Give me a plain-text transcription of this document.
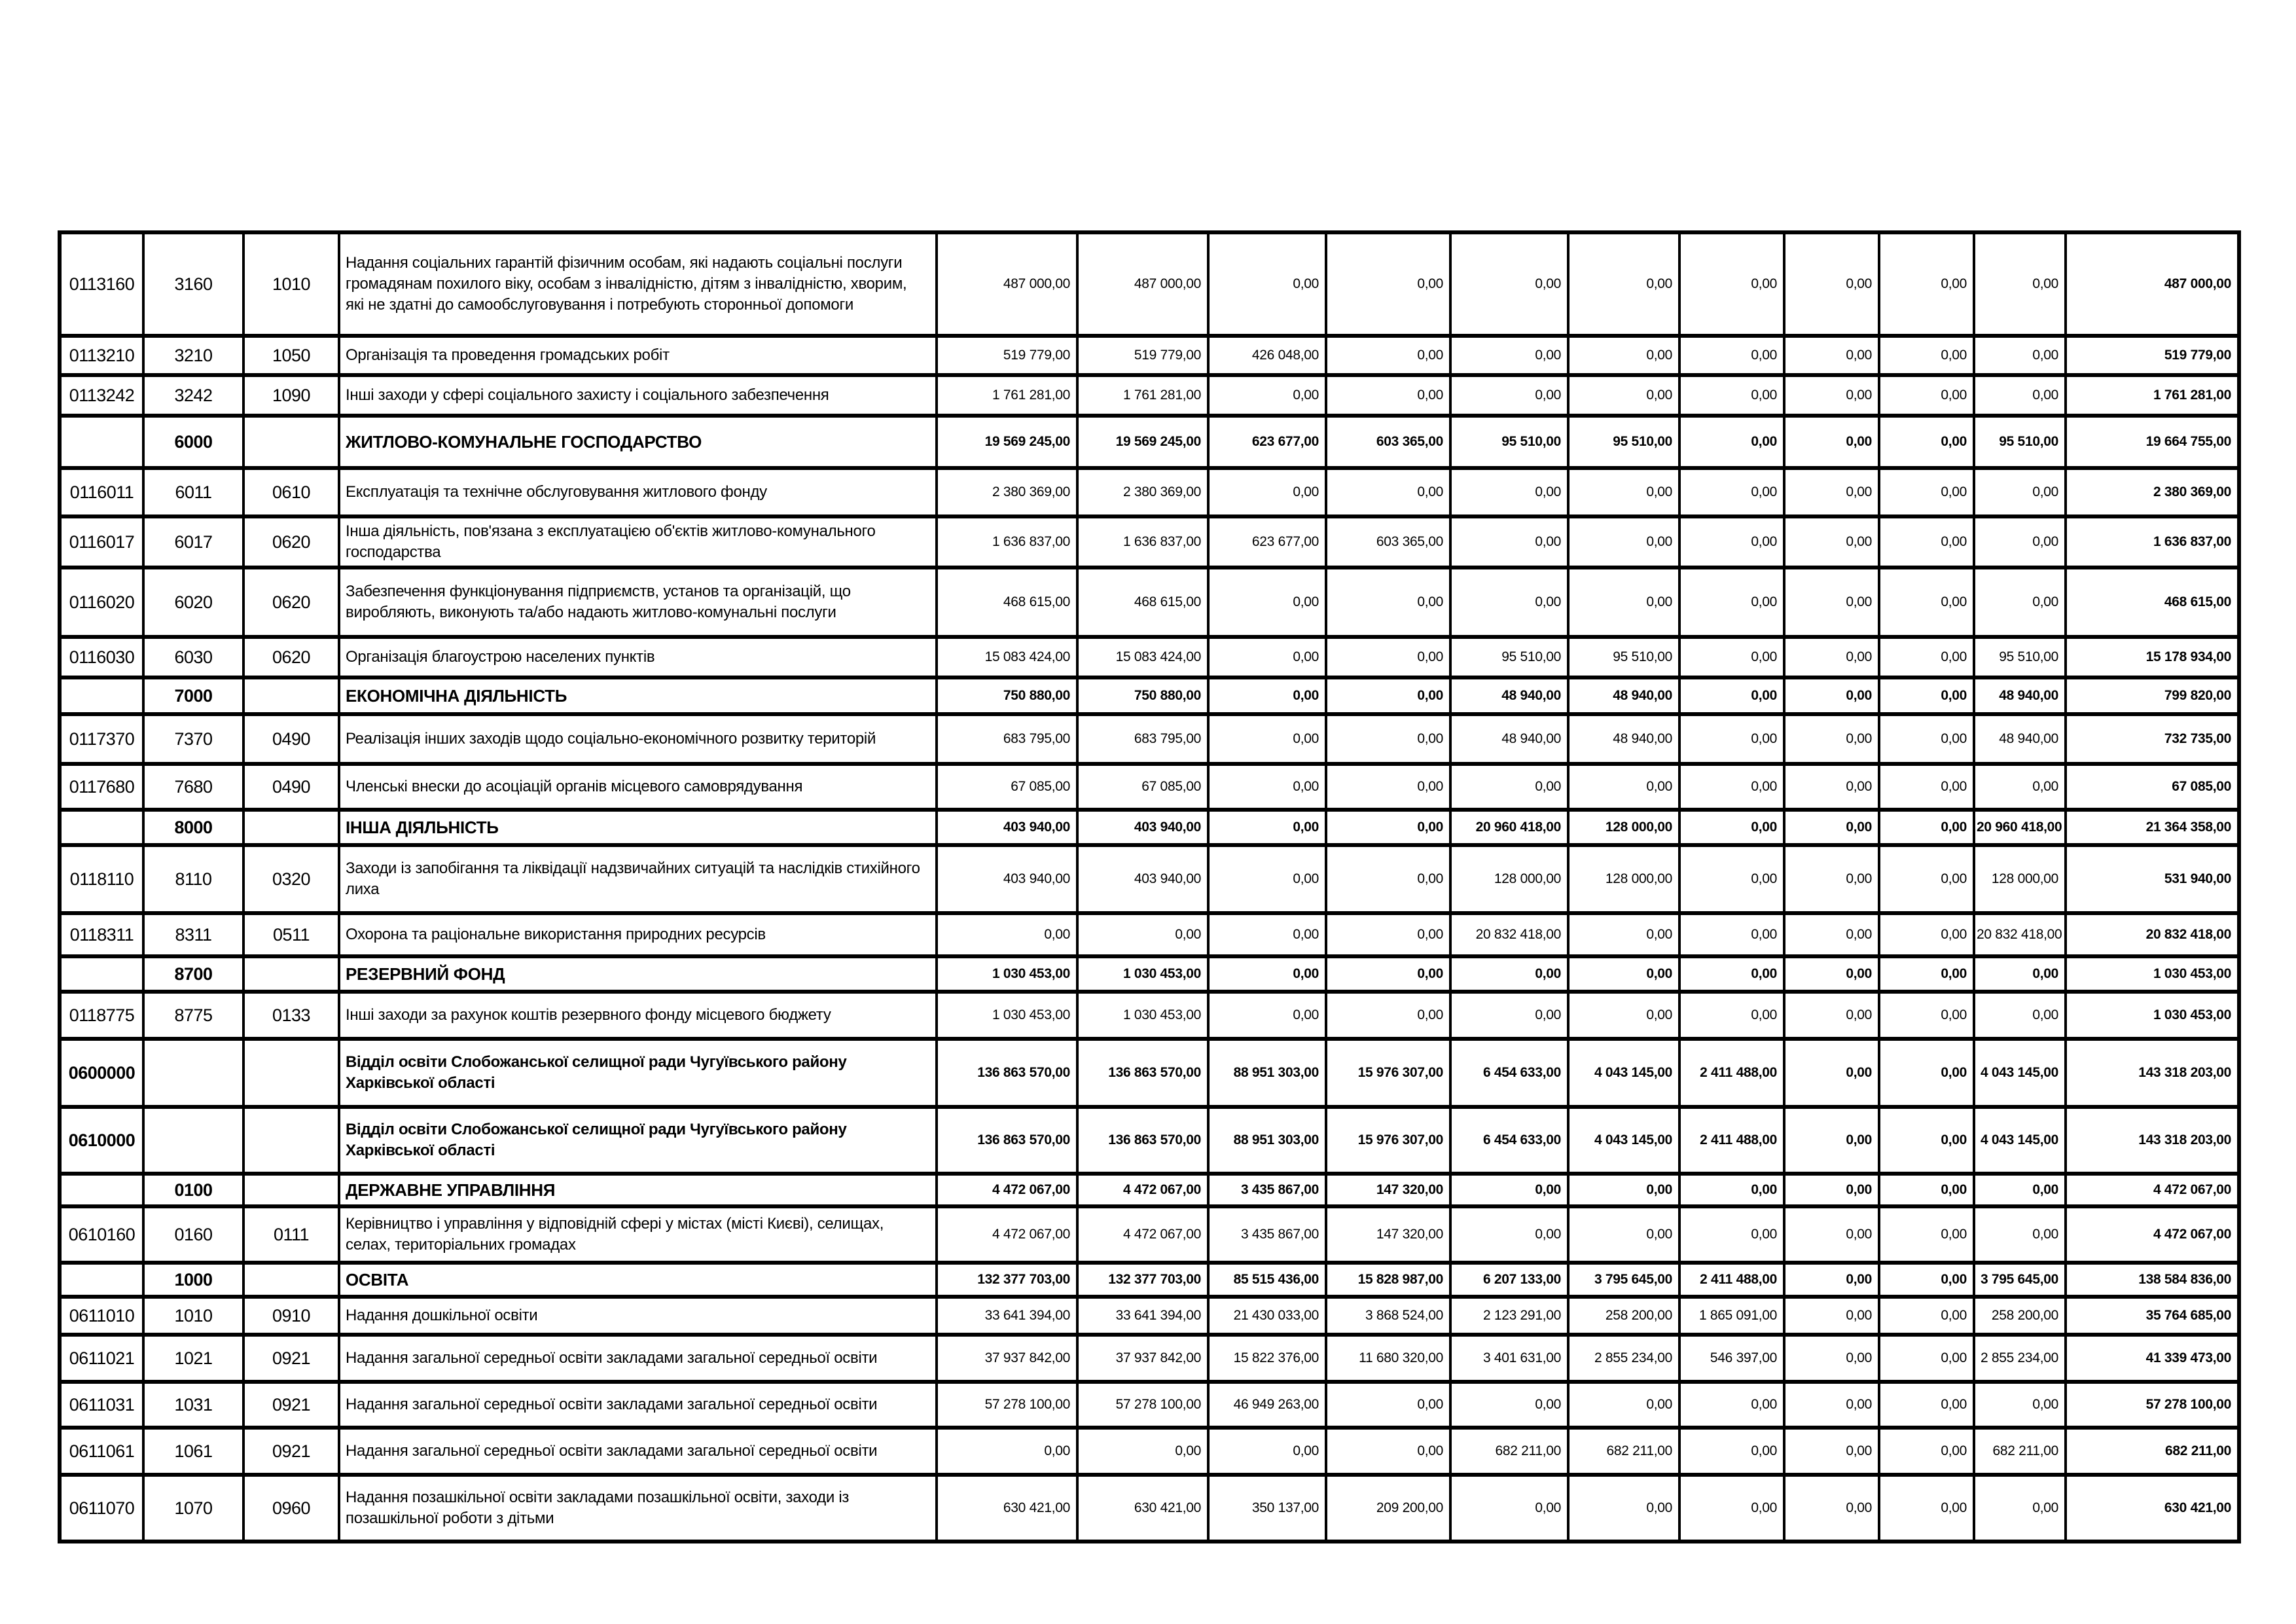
0113160	3160	1010	Надання соціальних гарантій фізичним особам, які надають соціальні послуги громадянам похилого віку, особам з інвалідністю, дітям з інвалідністю, хворим, які не здатні до самообслуговування і потребують сторонньої допомоги	487 000,00	487 000,00	0,00	0,00	0,00	0,00	0,00	0,00	0,00	0,00	487 000,00
0113210	3210	1050	Організація та проведення громадських робіт	519 779,00	519 779,00	426 048,00	0,00	0,00	0,00	0,00	0,00	0,00	0,00	519 779,00
0113242	3242	1090	Інші заходи у сфері соціального захисту і соціального забезпечення	1 761 281,00	1 761 281,00	0,00	0,00	0,00	0,00	0,00	0,00	0,00	0,00	1 761 281,00
	6000		ЖИТЛОВО-КОМУНАЛЬНЕ ГОСПОДАРСТВО	19 569 245,00	19 569 245,00	623 677,00	603 365,00	95 510,00	95 510,00	0,00	0,00	0,00	95 510,00	19 664 755,00
0116011	6011	0610	Експлуатація та технічне обслуговування житлового фонду	2 380 369,00	2 380 369,00	0,00	0,00	0,00	0,00	0,00	0,00	0,00	0,00	2 380 369,00
0116017	6017	0620	Інша діяльність, пов'язана з експлуатацією об'єктів житлово-комунального господарства	1 636 837,00	1 636 837,00	623 677,00	603 365,00	0,00	0,00	0,00	0,00	0,00	0,00	1 636 837,00
0116020	6020	0620	Забезпечення функціонування підприємств, установ та організацій, що виробляють, виконують та/або надають житлово-комунальні послуги	468 615,00	468 615,00	0,00	0,00	0,00	0,00	0,00	0,00	0,00	0,00	468 615,00
0116030	6030	0620	Організація благоустрою населених пунктів	15 083 424,00	15 083 424,00	0,00	0,00	95 510,00	95 510,00	0,00	0,00	0,00	95 510,00	15 178 934,00
	7000		ЕКОНОМІЧНА ДІЯЛЬНІСТЬ	750 880,00	750 880,00	0,00	0,00	48 940,00	48 940,00	0,00	0,00	0,00	48 940,00	799 820,00
0117370	7370	0490	Реалізація інших заходів щодо соціально-економічного розвитку територій	683 795,00	683 795,00	0,00	0,00	48 940,00	48 940,00	0,00	0,00	0,00	48 940,00	732 735,00
0117680	7680	0490	Членські внески до асоціацій органів місцевого самоврядування	67 085,00	67 085,00	0,00	0,00	0,00	0,00	0,00	0,00	0,00	0,00	67 085,00
	8000		ІНША ДІЯЛЬНІСТЬ	403 940,00	403 940,00	0,00	0,00	20 960 418,00	128 000,00	0,00	0,00	0,00	20 960 418,00	21 364 358,00
0118110	8110	0320	Заходи із запобігання та ліквідації надзвичайних ситуацій та наслідків стихійного лиха	403 940,00	403 940,00	0,00	0,00	128 000,00	128 000,00	0,00	0,00	0,00	128 000,00	531 940,00
0118311	8311	0511	Охорона та раціональне використання природних ресурсів	0,00	0,00	0,00	0,00	20 832 418,00	0,00	0,00	0,00	0,00	20 832 418,00	20 832 418,00
	8700		РЕЗЕРВНИЙ ФОНД	1 030 453,00	1 030 453,00	0,00	0,00	0,00	0,00	0,00	0,00	0,00	0,00	1 030 453,00
0118775	8775	0133	Інші заходи за рахунок коштів резервного фонду місцевого бюджету	1 030 453,00	1 030 453,00	0,00	0,00	0,00	0,00	0,00	0,00	0,00	0,00	1 030 453,00
0600000			Відділ освіти Слобожанської селищної ради Чугуївського району Харківської області	136 863 570,00	136 863 570,00	88 951 303,00	15 976 307,00	6 454 633,00	4 043 145,00	2 411 488,00	0,00	0,00	4 043 145,00	143 318 203,00
0610000			Відділ освіти Слобожанської селищної ради Чугуївського району Харківської області	136 863 570,00	136 863 570,00	88 951 303,00	15 976 307,00	6 454 633,00	4 043 145,00	2 411 488,00	0,00	0,00	4 043 145,00	143 318 203,00
	0100		ДЕРЖАВНЕ УПРАВЛІННЯ	4 472 067,00	4 472 067,00	3 435 867,00	147 320,00	0,00	0,00	0,00	0,00	0,00	0,00	4 472 067,00
0610160	0160	0111	Керівництво і управління у відповідній сфері у містах (місті Києві), селищах, селах, територіальних громадах	4 472 067,00	4 472 067,00	3 435 867,00	147 320,00	0,00	0,00	0,00	0,00	0,00	0,00	4 472 067,00
	1000		ОСВІТА	132 377 703,00	132 377 703,00	85 515 436,00	15 828 987,00	6 207 133,00	3 795 645,00	2 411 488,00	0,00	0,00	3 795 645,00	138 584 836,00
0611010	1010	0910	Надання дошкільної освіти	33 641 394,00	33 641 394,00	21 430 033,00	3 868 524,00	2 123 291,00	258 200,00	1 865 091,00	0,00	0,00	258 200,00	35 764 685,00
0611021	1021	0921	Надання загальної середньої освіти закладами загальної середньої освіти	37 937 842,00	37 937 842,00	15 822 376,00	11 680 320,00	3 401 631,00	2 855 234,00	546 397,00	0,00	0,00	2 855 234,00	41 339 473,00
0611031	1031	0921	Надання загальної середньої освіти закладами загальної середньої освіти	57 278 100,00	57 278 100,00	46 949 263,00	0,00	0,00	0,00	0,00	0,00	0,00	0,00	57 278 100,00
0611061	1061	0921	Надання загальної середньої освіти закладами загальної середньої освіти	0,00	0,00	0,00	0,00	682 211,00	682 211,00	0,00	0,00	0,00	682 211,00	682 211,00
0611070	1070	0960	Надання позашкільної освіти закладами позашкільної освіти, заходи із позашкільної роботи з дітьми	630 421,00	630 421,00	350 137,00	209 200,00	0,00	0,00	0,00	0,00	0,00	0,00	630 421,00
